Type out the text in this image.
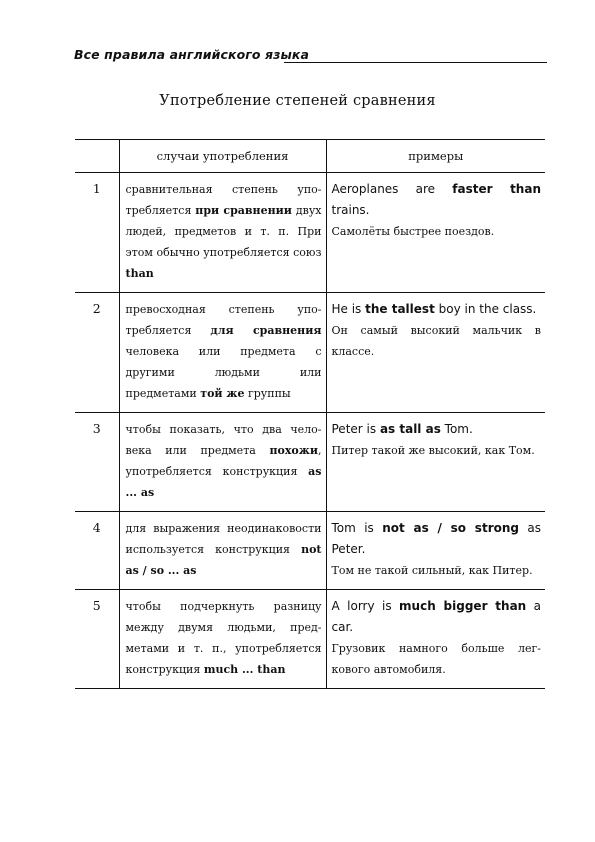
Все правила английского языка
Употребление степеней сравнения
	случаи употребления	примеры
1	сравнительная степень употребляется при сравнении двух людей, предметов и т. п. При этом обычно употребляется союз than	Aeroplanes are faster than trains.
Самолёты быстрее поездов.

2	превосходная степень употребляется для сравнения человека или предмета с другими людьми или предметами той же группы	He is the tallest boy in the class.
Он самый высокий мальчик в классе.

3	чтобы показать, что два человека или предмета похожи, употребляется конструкция as ... as	Peter is as tall as Tom.
Питер такой же высокий, как Том.

4	для выражения неодинаковости используется конструкция not as / so ... as	Tom is not as / so strong as Peter.
Том не такой сильный, как Питер.

5	чтобы подчеркнуть разницу между двумя людьми, предметами и т. п., употребляется конструкция much ... than	A lorry is much bigger than a car.
Грузовик намного больше легкового автомобиля.
